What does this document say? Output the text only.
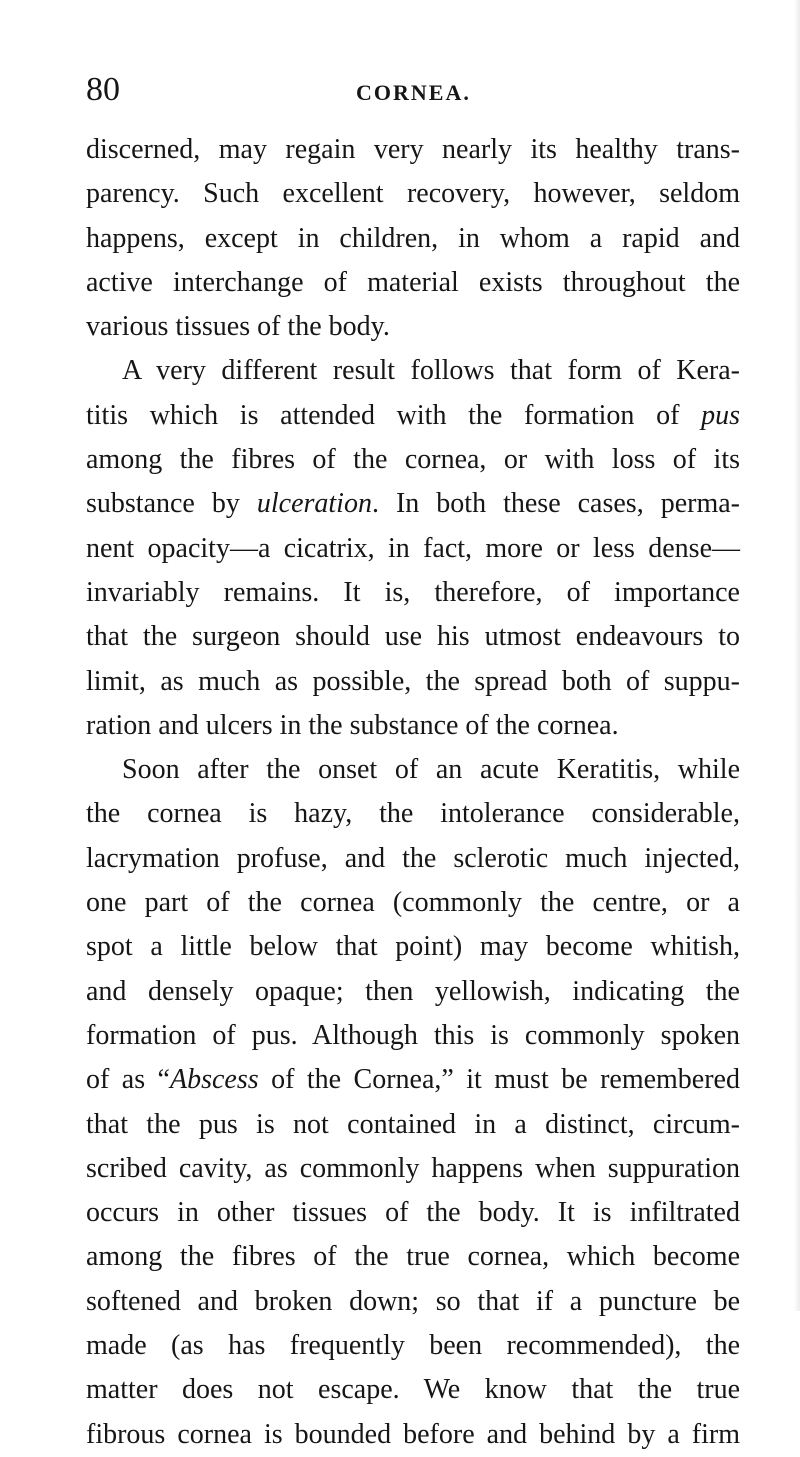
80	CORNEA.
discerned, may regain very nearly its healthy trans-
parency. Such excellent recovery, however, seldom
happens, except in children, in whom a rapid and
active interchange of material exists throughout the
various tissues of the body.
A very different result follows that form of Kera-
titis which is attended with the formation of pus
among the fibres of the cornea, or with loss of its
substance by ulceration. In both these cases, perma-
nent opacity—a cicatrix, in fact, more or less dense—
invariably remains. It is, therefore, of importance
that the surgeon should use his utmost endeavours to
limit, as much as possible, the spread both of suppu-
ration and ulcers in the substance of the cornea.
Soon after the onset of an acute Keratitis, while
the cornea is hazy, the intolerance considerable,
lacrymation profuse, and the sclerotic much injected,
one part of the cornea (commonly the centre, or a
spot a little below that point) may become whitish,
and densely opaque; then yellowish, indicating the
formation of pus. Although this is commonly spoken
of as “Abscess of the Cornea,” it must be remembered
that the pus is not contained in a distinct, circum-
scribed cavity, as commonly happens when suppuration
occurs in other tissues of the body. It is infiltrated
among the fibres of the true cornea, which become
softened and broken down; so that if a puncture be
made (as has frequently been recommended), the
matter does not escape. We know that the true
fibrous cornea is bounded before and behind by a firm
